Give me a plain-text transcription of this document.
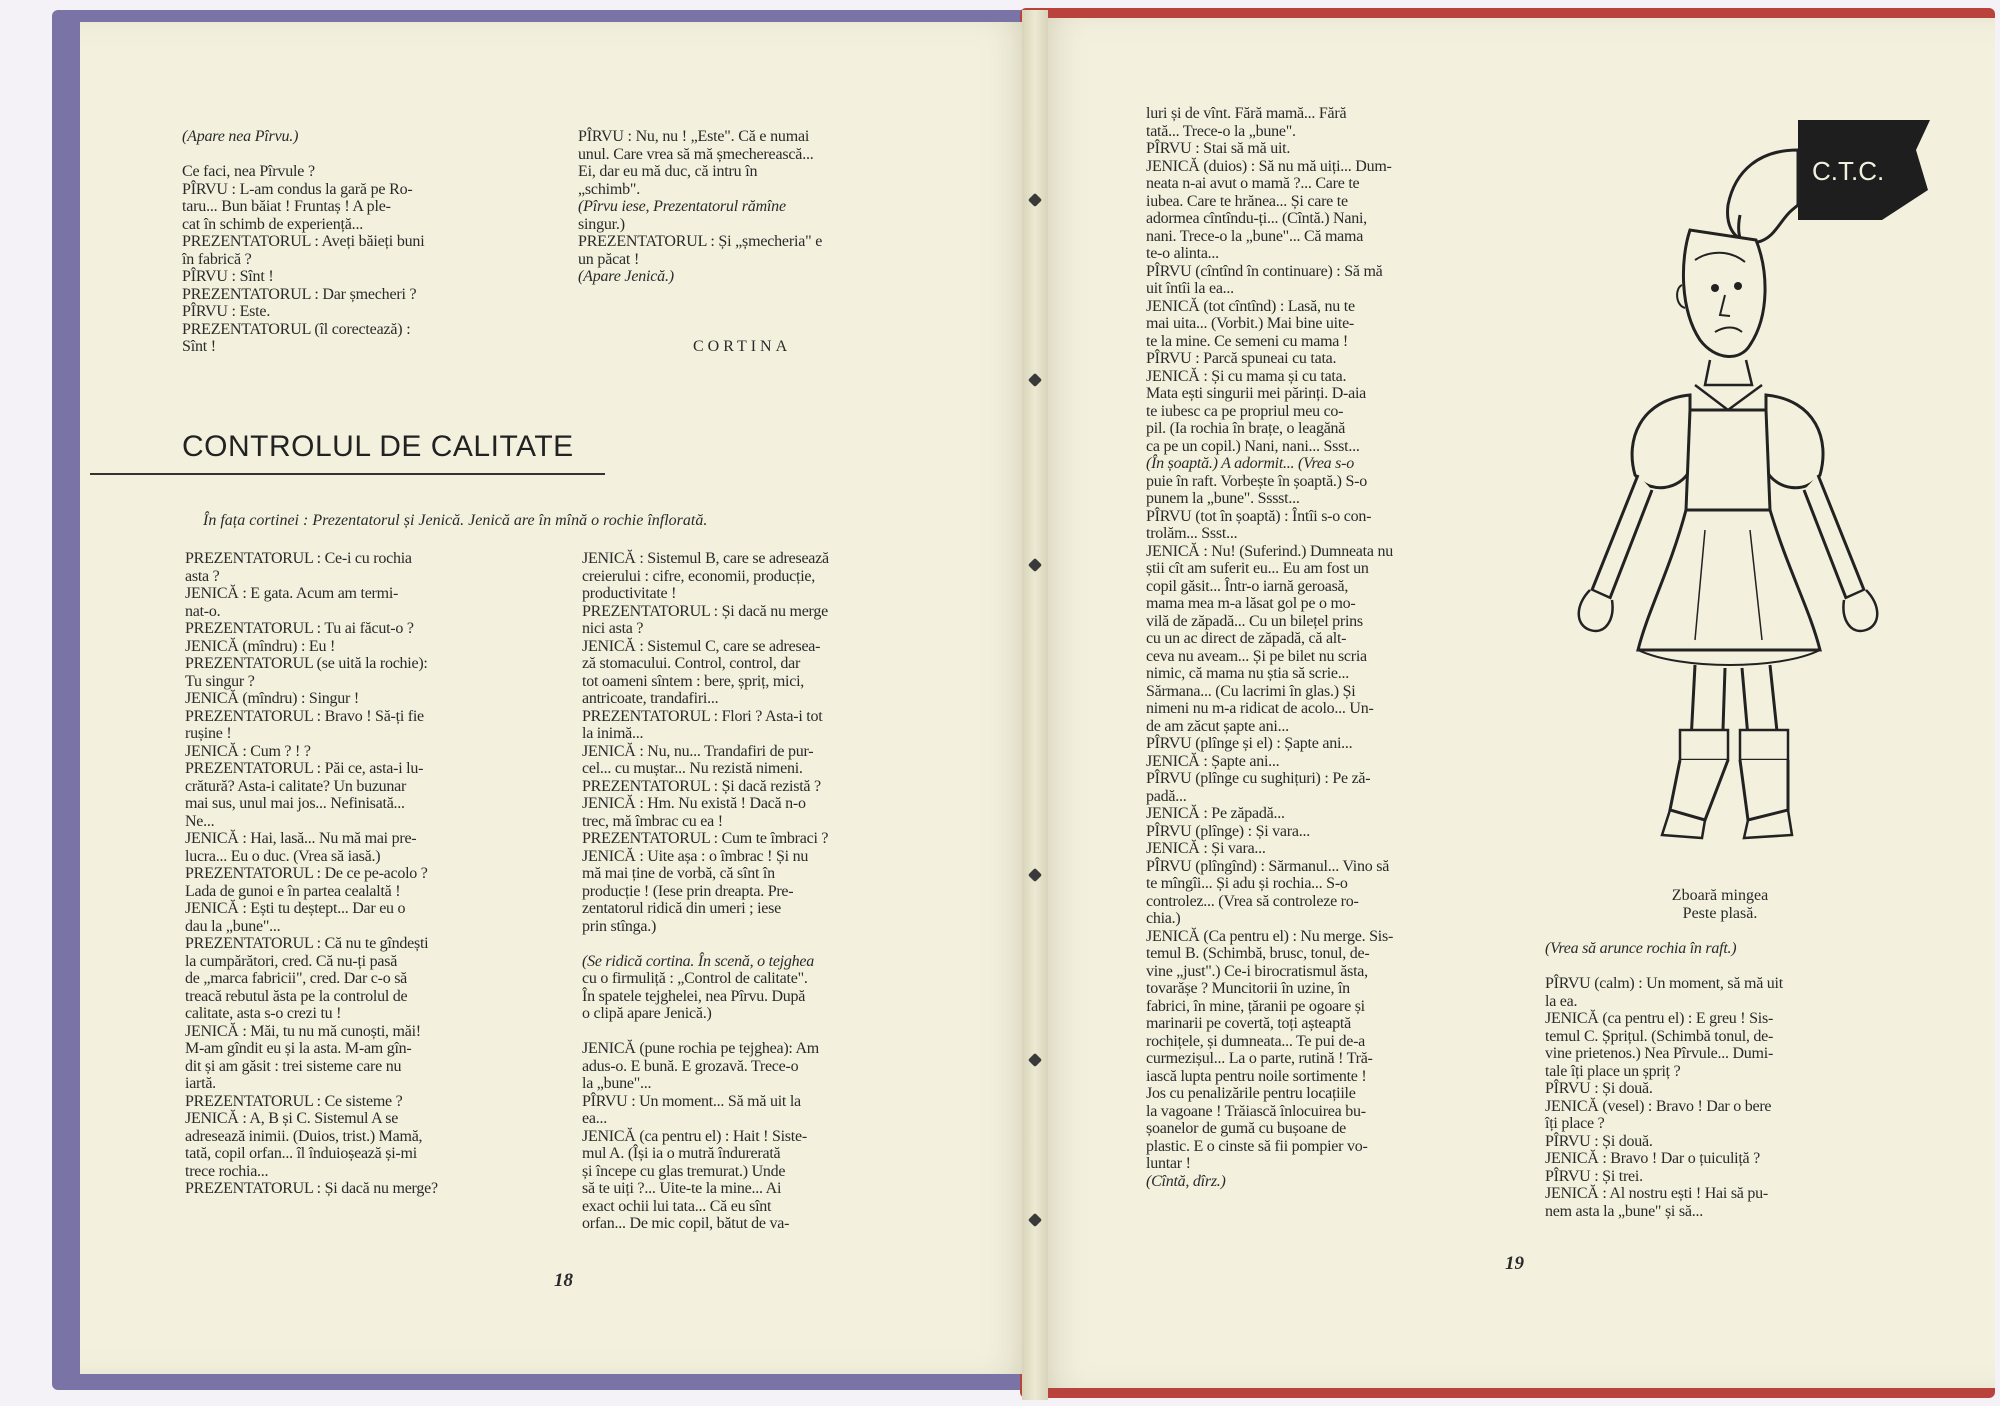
(Apare nea Pîrvu.)

Ce faci, nea Pîrvule ?
PÎRVU : L-am condus la gară pe Ro-
taru... Bun băiat ! Fruntaș ! A ple-
cat în schimb de experiență...
PREZENTATORUL : Aveți băieți buni
în fabrică ?
PÎRVU : Sînt !
PREZENTATORUL : Dar șmecheri ?
PÎRVU : Este.
PREZENTATORUL (îl corectează) :
Sînt !
PÎRVU : Nu, nu ! „Este". Că e numai
unul. Care vrea să mă șmecherească...
Ei, dar eu mă duc, că intru în
„schimb".
(Pîrvu iese, Prezentatorul rămîne
singur.)
PREZENTATORUL : Și „șmecheria" e
un păcat !
(Apare Jenică.)
CORTINA
CONTROLUL DE CALITATE
În fața cortinei : Prezentatorul și Jenică. Jenică are în mînă o rochie înflorată.
PREZENTATORUL : Ce-i cu rochia
asta ?
JENICĂ : E gata. Acum am termi-
nat-o.
PREZENTATORUL : Tu ai făcut-o ?
JENICĂ (mîndru) : Eu !
PREZENTATORUL (se uită la rochie):
Tu singur ?
JENICĂ (mîndru) : Singur !
PREZENTATORUL : Bravo ! Să-ți fie
rușine !
JENICĂ : Cum ? ! ?
PREZENTATORUL : Păi ce, asta-i lu-
crătură? Asta-i calitate? Un buzunar
mai sus, unul mai jos... Nefinisată...
Ne...
JENICĂ : Hai, lasă... Nu mă mai pre-
lucra... Eu o duc. (Vrea să iasă.)
PREZENTATORUL : De ce pe-acolo ?
Lada de gunoi e în partea cealaltă !
JENICĂ : Ești tu deștept... Dar eu o
dau la „bune"...
PREZENTATORUL : Că nu te gîndești
la cumpărători, cred. Că nu-ți pasă
de „marca fabricii", cred. Dar c-o să
treacă rebutul ăsta pe la controlul de
calitate, asta s-o crezi tu !
JENICĂ : Măi, tu nu mă cunoști, măi!
M-am gîndit eu și la asta. M-am gîn-
dit și am găsit : trei sisteme care nu
iartă.
PREZENTATORUL : Ce sisteme ?
JENICĂ : A, B și C. Sistemul A se
adresează inimii. (Duios, trist.) Mamă,
tată, copil orfan... îl înduioșează și-mi
trece rochia...
PREZENTATORUL : Și dacă nu merge?
JENICĂ : Sistemul B, care se adresează
creierului : cifre, economii, producție,
productivitate !
PREZENTATORUL : Și dacă nu merge
nici asta ?
JENICĂ : Sistemul C, care se adresea-
ză stomacului. Control, control, dar
tot oameni sîntem : bere, șpriț, mici,
antricoate, trandafiri...
PREZENTATORUL : Flori ? Asta-i tot
la inimă...
JENICĂ : Nu, nu... Trandafiri de pur-
cel... cu muștar... Nu rezistă nimeni.
PREZENTATORUL : Și dacă rezistă ?
JENICĂ : Hm. Nu există ! Dacă n-o
trec, mă îmbrac cu ea !
PREZENTATORUL : Cum te îmbraci ?
JENICĂ : Uite așa : o îmbrac ! Și nu
mă mai ține de vorbă, că sînt în
producție ! (Iese prin dreapta. Pre-
zentatorul ridică din umeri ; iese
prin stînga.)

(Se ridică cortina. În scenă, o tejghea
cu o firmuliță : „Control de calitate".
În spatele tejghelei, nea Pîrvu. După
o clipă apare Jenică.)

JENICĂ (pune rochia pe tejghea): Am
adus-o. E bună. E grozavă. Trece-o
la „bune"...
PÎRVU : Un moment... Să mă uit la
ea...
JENICĂ (ca pentru el) : Hait ! Siste-
mul A. (Își ia o mutră îndurerată
și începe cu glas tremurat.) Unde
să te uiți ?... Uite-te la mine... Ai
exact ochii lui tata... Că eu sînt
orfan... De mic copil, bătut de va-
18
luri și de vînt. Fără mamă... Fără
tată... Trece-o la „bune".
PÎRVU : Stai să mă uit.
JENICĂ (duios) : Să nu mă uiți... Dum-
neata n-ai avut o mamă ?... Care te
iubea. Care te hrănea... Și care te
adormea cîntîndu-ți... (Cîntă.) Nani,
nani. Trece-o la „bune"... Că mama
te-o alinta...
PÎRVU (cîntînd în continuare) : Să mă
uit întîi la ea...
JENICĂ (tot cîntînd) : Lasă, nu te
mai uita... (Vorbit.) Mai bine uite-
te la mine. Ce semeni cu mama !
PÎRVU : Parcă spuneai cu tata.
JENICĂ : Și cu mama și cu tata.
Mata ești singurii mei părinți. D-aia
te iubesc ca pe propriul meu co-
pil. (Ia rochia în brațe, o leagănă
ca pe un copil.) Nani, nani... Ssst...
(În șoaptă.) A adormit... (Vrea s-o
puie în raft. Vorbește în șoaptă.) S-o
punem la „bune". Sssst...
PÎRVU (tot în șoaptă) : Întîi s-o con-
trolăm... Ssst...
JENICĂ : Nu! (Suferind.) Dumneata nu
știi cît am suferit eu... Eu am fost un
copil găsit... Într-o iarnă geroasă,
mama mea m-a lăsat gol pe o mo-
vilă de zăpadă... Cu un bilețel prins
cu un ac direct de zăpadă, că alt-
ceva nu aveam... Și pe bilet nu scria
nimic, că mama nu știa să scrie...
Sărmana... (Cu lacrimi în glas.) Și
nimeni nu m-a ridicat de acolo... Un-
de am zăcut șapte ani...
PÎRVU (plînge și el) : Șapte ani...
JENICĂ : Șapte ani...
PÎRVU (plînge cu sughițuri) : Pe ză-
padă...
JENICĂ : Pe zăpadă...
PÎRVU (plînge) : Și vara...
JENICĂ : Și vara...
PÎRVU (plîngînd) : Sărmanul... Vino să
te mîngîi... Și adu și rochia... S-o
controlez... (Vrea să controleze ro-
chia.)
JENICĂ (Ca pentru el) : Nu merge. Sis-
temul B. (Schimbă, brusc, tonul, de-
vine „just".) Ce-i birocratismul ăsta,
tovarășe ? Muncitorii în uzine, în
fabrici, în mine, țăranii pe ogoare și
marinarii pe covertă, toți așteaptă
rochițele, și dumneata... Te pui de-a
curmezișul... La o parte, rutină ! Tră-
iască lupta pentru noile sortimente !
Jos cu penalizările pentru locațiile
la vagoane ! Trăiască înlocuirea bu-
șoanelor de gumă cu bușoane de
plastic. E o cinste să fii pompier vo-
luntar !
(Cîntă, dîrz.)
C.T.C.
Zboară mingea
Peste plasă.
(Vrea să arunce rochia în raft.)

PÎRVU (calm) : Un moment, să mă uit
la ea.
JENICĂ (ca pentru el) : E greu ! Sis-
temul C. Șprițul. (Schimbă tonul, de-
vine prietenos.) Nea Pîrvule... Dumi-
tale îți place un șpriț ?
PÎRVU : Și două.
JENICĂ (vesel) : Bravo ! Dar o bere
îți place ?
PÎRVU : Și două.
JENICĂ : Bravo ! Dar o țuiculiță ?
PÎRVU : Și trei.
JENICĂ : Al nostru ești ! Hai să pu-
nem asta la „bune" și să...
19
